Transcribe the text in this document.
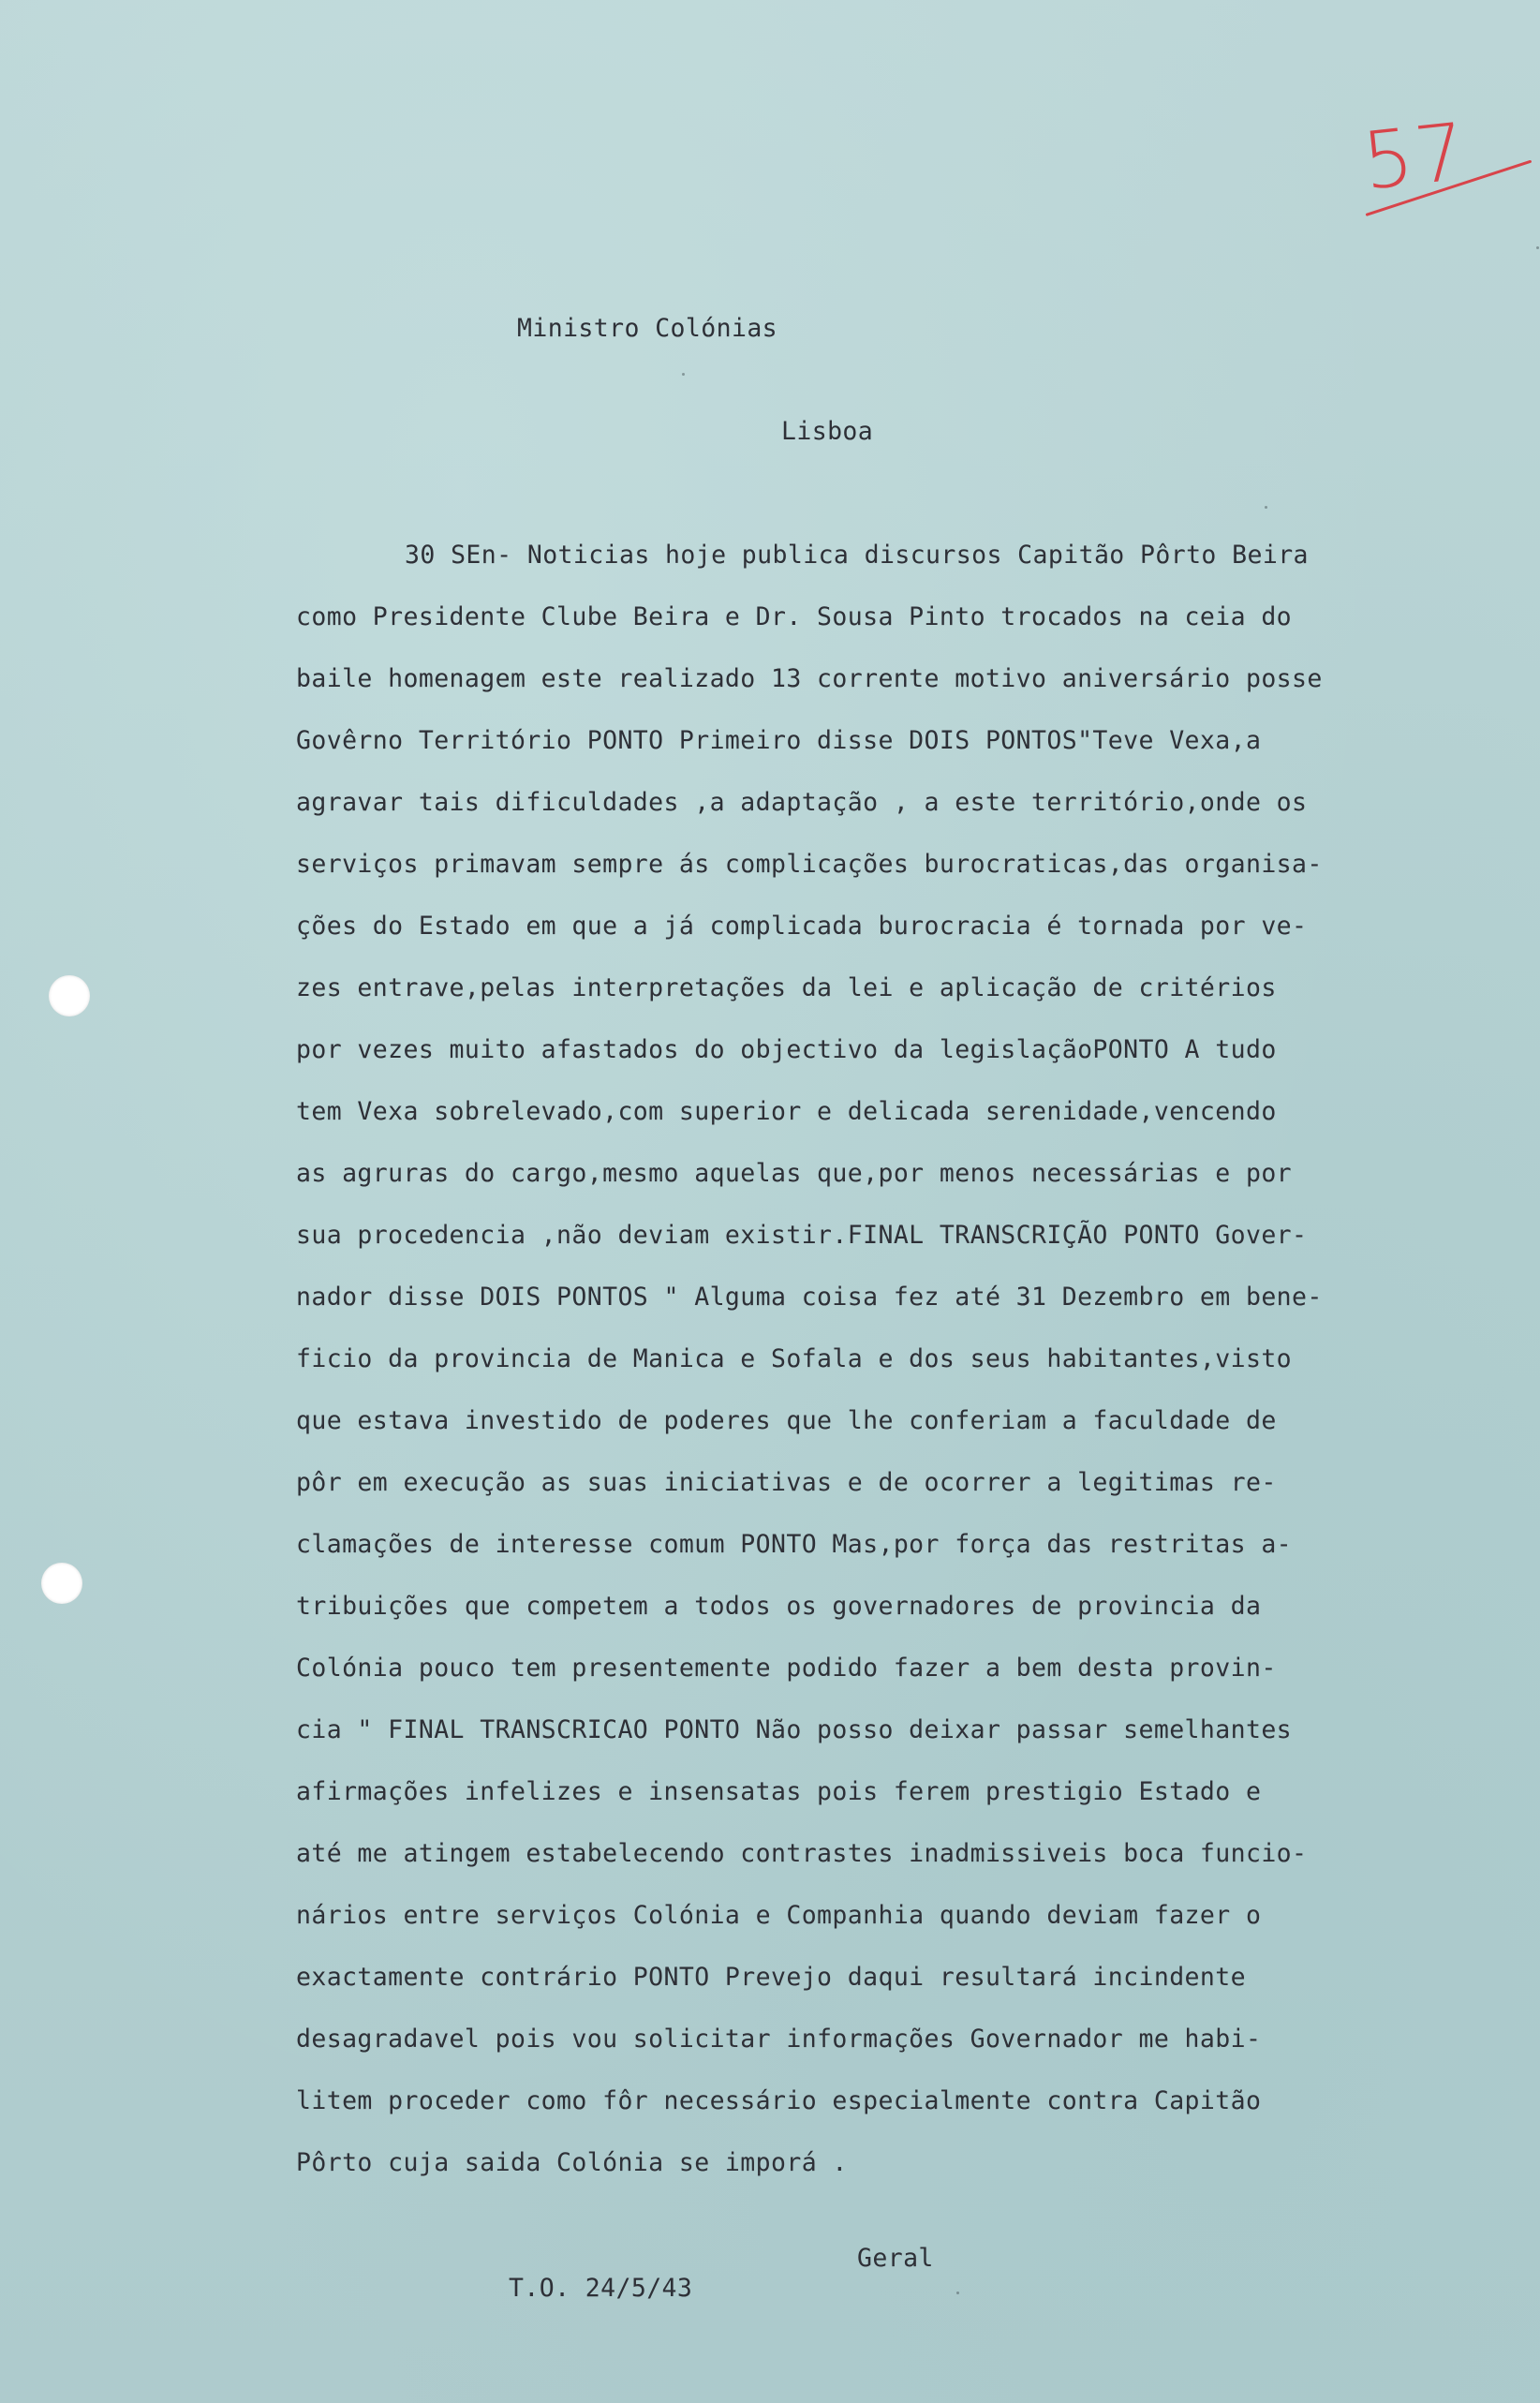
57
Ministro Colónias
Lisboa
30 SEn- Noticias hoje publica discursos Capitão Pôrto Beira
como Presidente Clube Beira e Dr. Sousa Pinto trocados na ceia do
baile homenagem este realizado 13 corrente motivo aniversário posse
Govêrno Território PONTO Primeiro disse DOIS PONTOS"Teve Vexa,a
agravar tais dificuldades ,a adaptação , a este território,onde os
serviços primavam sempre ás complicações burocraticas,das organisa-
ções do Estado em que a já complicada burocracia é tornada por ve-
zes entrave,pelas interpretações da lei e aplicação de critérios
por vezes muito afastados do objectivo da legislaçãoPONTO A tudo
tem Vexa sobrelevado,com superior e delicada serenidade,vencendo
as agruras do cargo,mesmo aquelas que,por menos necessárias e por
sua procedencia ,não deviam existir.FINAL TRANSCRIÇÃO PONTO Gover-
nador disse DOIS PONTOS " Alguma coisa fez até 31 Dezembro em bene-
ficio da provincia de Manica e Sofala e dos seus habitantes,visto
que estava investido de poderes que lhe conferiam a faculdade de
pôr em execução as suas iniciativas e de ocorrer a legitimas re-
clamações de interesse comum PONTO Mas,por força das restritas a-
tribuições que competem a todos os governadores de provincia da
Colónia pouco tem presentemente podido fazer a bem desta provin-
cia " FINAL TRANSCRICAO PONTO Não posso deixar passar semelhantes
afirmações infelizes e insensatas pois ferem prestigio Estado e
até me atingem estabelecendo contrastes inadmissiveis boca funcio-
nários entre serviços Colónia e Companhia quando deviam fazer o
exactamente contrário PONTO Prevejo daqui resultará incindente
desagradavel pois vou solicitar informações Governador me habi-
litem proceder como fôr necessário especialmente contra Capitão
Pôrto cuja saida Colónia se imporá .
Geral
T.O. 24/5/43
